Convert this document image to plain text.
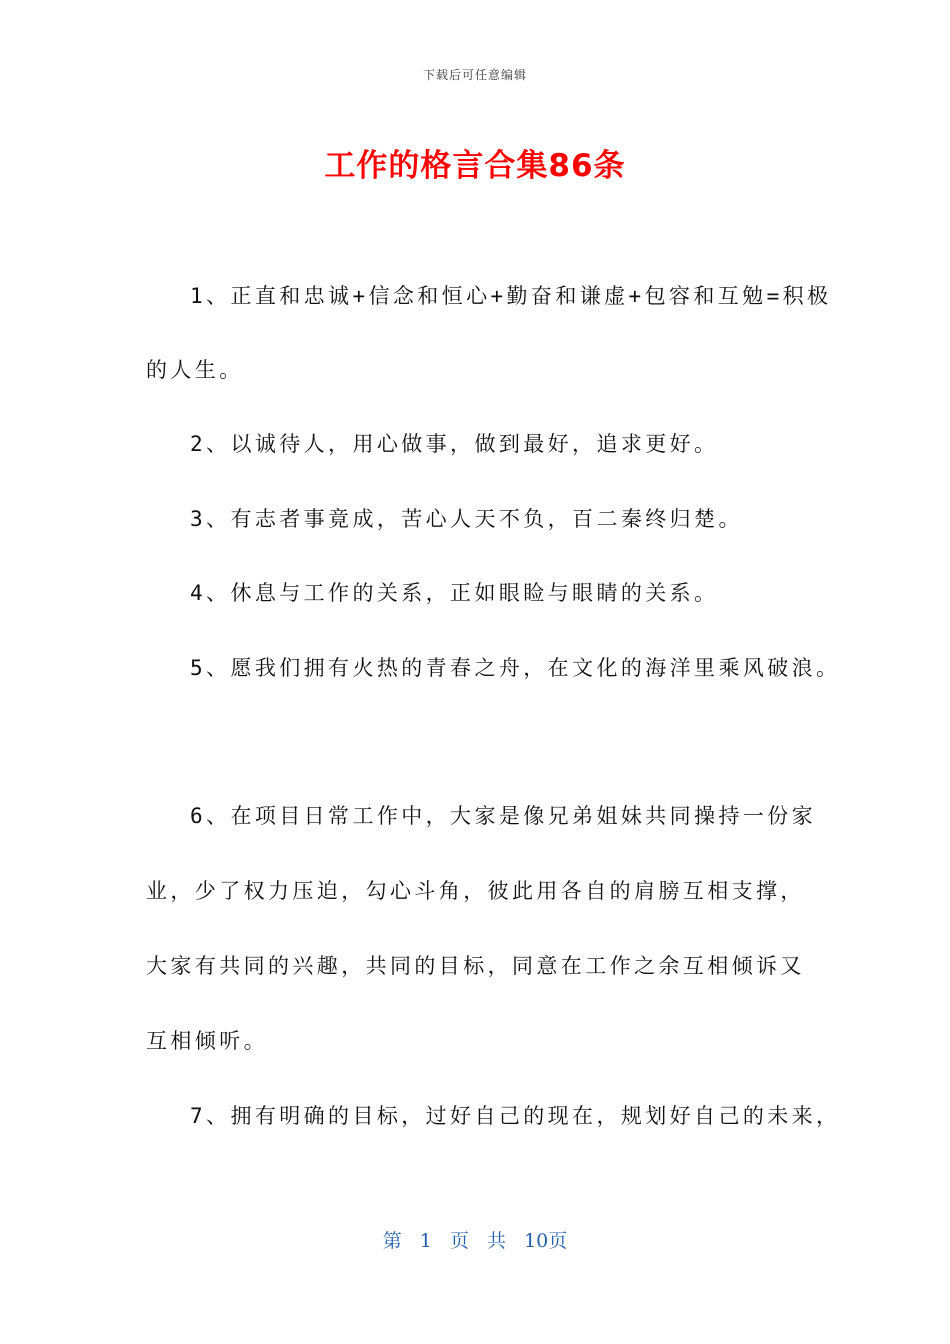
下载后可任意编辑
工作的格言合集86条
1、正直和忠诚+信念和恒心+勤奋和谦虚+包容和互勉=积极
的人生。
2、以诚待人，用心做事，做到最好，追求更好。
3、有志者事竟成，苦心人天不负，百二秦终归楚。
4、休息与工作的关系，正如眼睑与眼睛的关系。
5、愿我们拥有火热的青春之舟，在文化的海洋里乘风破浪。
6、在项目日常工作中，大家是像兄弟姐妹共同操持一份家
业，少了权力压迫，勾心斗角，彼此用各自的肩膀互相支撑，
大家有共同的兴趣，共同的目标，同意在工作之余互相倾诉又
互相倾听。
7、拥有明确的目标，过好自己的现在，规划好自己的未来，
第 1 页 共 10页
